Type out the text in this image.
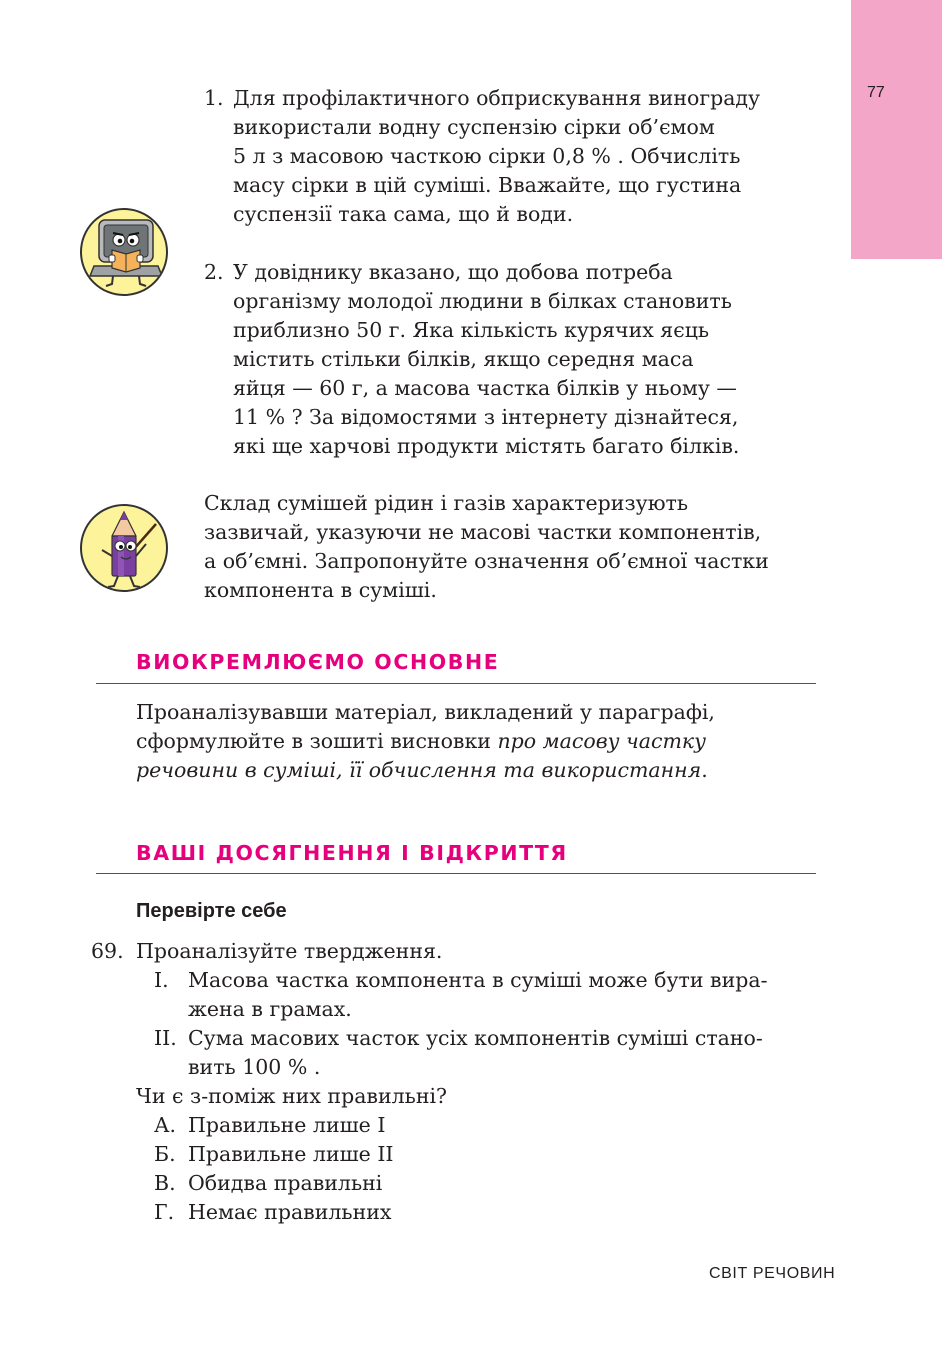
77
1. Для профілактичного обприскування винограду
використали водну суспензію сірки об’ємом
5 л з масовою часткою сірки 0,8 % . Обчисліть
масу сірки в цій суміші. Вважайте, що густина
суспензії така сама, що й води.
2. У довіднику вказано, що добова потреба
організму молодої людини в білках становить
приблизно 50 г. Яка кількість курячих яєць
містить стільки білків, якщо середня маса
яйця — 60 г, а масова частка білків у ньому —
11 % ? За відомостями з інтернету дізнайтеся,
які ще харчові продукти містять багато білків.
Склад сумішей рідин і газів характеризують
зазвичай, указуючи не масові частки компонентів,
а об’ємні. Запропонуйте означення об’ємної частки
компонента в суміші.
ВИОКРЕМЛЮЄМО ОСНОВНЕ
Проаналізувавши матеріал, викладений у параграфі,
сформулюйте в зошиті висновки про масову частку
речовини в суміші, її обчислення та використання.
ВАШІ ДОСЯГНЕННЯ І ВІДКРИТТЯ
Перевірте себе
69. Проаналізуйте твердження.
I. Масова частка компонента в суміші може бути вира-
жена в грамах.
II. Сума масових часток усіх компонентів суміші стано-
вить 100 % .
Чи є з-поміж них правильні?
А. Правильне лише I
Б. Правильне лише II
В. Обидва правильні
Г. Немає правильних
СВІТ РЕЧОВИН
